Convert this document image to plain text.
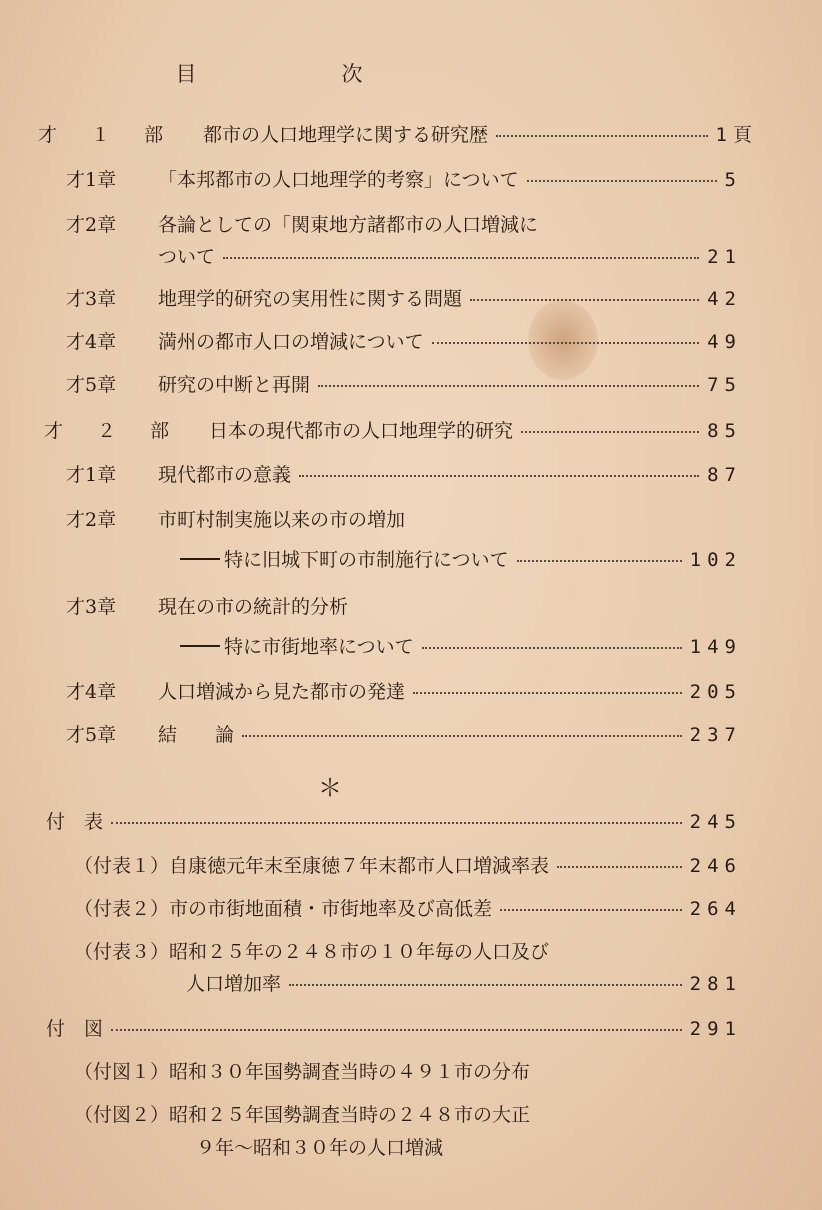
目　次
才 １ 部 都市の人口地理学に関する研究歴	1頁
才1章 「本邦都市の人口地理学的考察」について	5
才2章 各論としての「関東地方諸都市の人口増減に
ついて	21
才3章 地理学的研究の実用性に関する問題	42
才4章 満州の都市人口の増減について	49
才5章 研究の中断と再開	75
才 ２ 部 日本の現代都市の人口地理学的研究	85
才1章 現代都市の意義	87
才2章 市町村制実施以来の市の増加
特に旧城下町の市制施行について	102
才3章 現在の市の統計的分析
特に市街地率について	149
才4章 人口増減から見た都市の発達	205
才5章 結　　論	237
＊
付　表	245
（付表１）自康徳元年末至康徳７年末都市人口増減率表	246
（付表２）市の市街地面積・市街地率及び高低差	264
（付表３）昭和２５年の２４８市の１０年毎の人口及び
人口増加率	281
付　図	291
（付図１）昭和３０年国勢調査当時の４９１市の分布
（付図２）昭和２５年国勢調査当時の２４８市の大正
９年〜昭和３０年の人口増減
